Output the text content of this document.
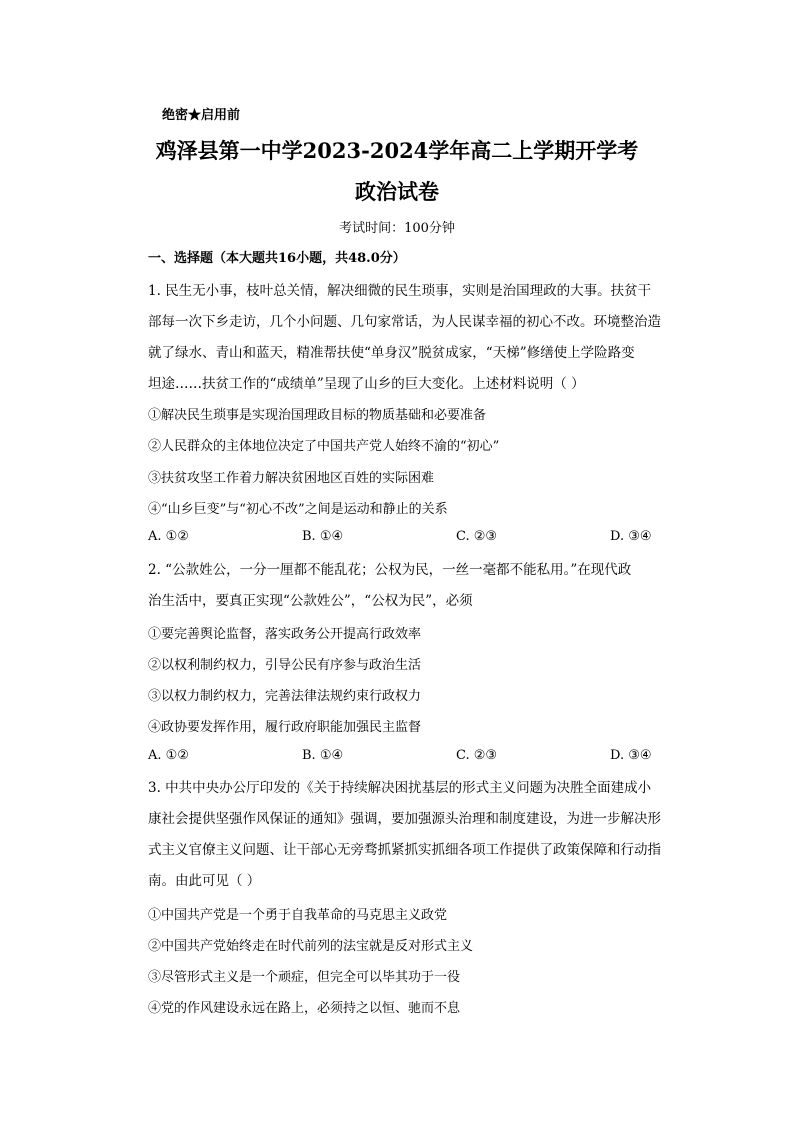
绝密★启用前
鸡泽县第一中学2023-2024学年高二上学期开学考
政治试卷
考试时间：100分钟
一、选择题（本大题共16小题，共48.0分）
1. 民生无小事，枝叶总关情，解决细微的民生琐事，实则是治国理政的大事。扶贫干
部每一次下乡走访，几个小问题、几句家常话，为人民谋幸福的初心不改。环境整治造
就了绿水、青山和蓝天，精准帮扶使“单身汉”脱贫成家，“天梯”修缮使上学险路变
坦途……扶贫工作的“成绩单”呈现了山乡的巨大变化。上述材料说明（ ）
①解决民生琐事是实现治国理政目标的物质基础和必要准备
②人民群众的主体地位决定了中国共产党人始终不渝的“初心”
③扶贫攻坚工作着力解决贫困地区百姓的实际困难
④“山乡巨变”与“初心不改”之间是运动和静止的关系
A. ①②	B. ①④	C. ②③	D. ③④
2. “公款姓公，一分一厘都不能乱花；公权为民，一丝一毫都不能私用。”在现代政
治生活中，要真正实现“公款姓公”，“公权为民”，必须
①要完善舆论监督，落实政务公开提高行政效率
②以权利制约权力，引导公民有序参与政治生活
③以权力制约权力，完善法律法规约束行政权力
④政协要发挥作用，履行政府职能加强民主监督
A. ①②	B. ①④	C. ②③	D. ③④
3. 中共中央办公厅印发的《关于持续解决困扰基层的形式主义问题为决胜全面建成小
康社会提供坚强作风保证的通知》强调，要加强源头治理和制度建设，为进一步解决形
式主义官僚主义问题、让干部心无旁骛抓紧抓实抓细各项工作提供了政策保障和行动指
南。由此可见（ ）
①中国共产党是一个勇于自我革命的马克思主义政党
②中国共产党始终走在时代前列的法宝就是反对形式主义
③尽管形式主义是一个顽症，但完全可以毕其功于一役
④党的作风建设永远在路上，必须持之以恒、驰而不息
